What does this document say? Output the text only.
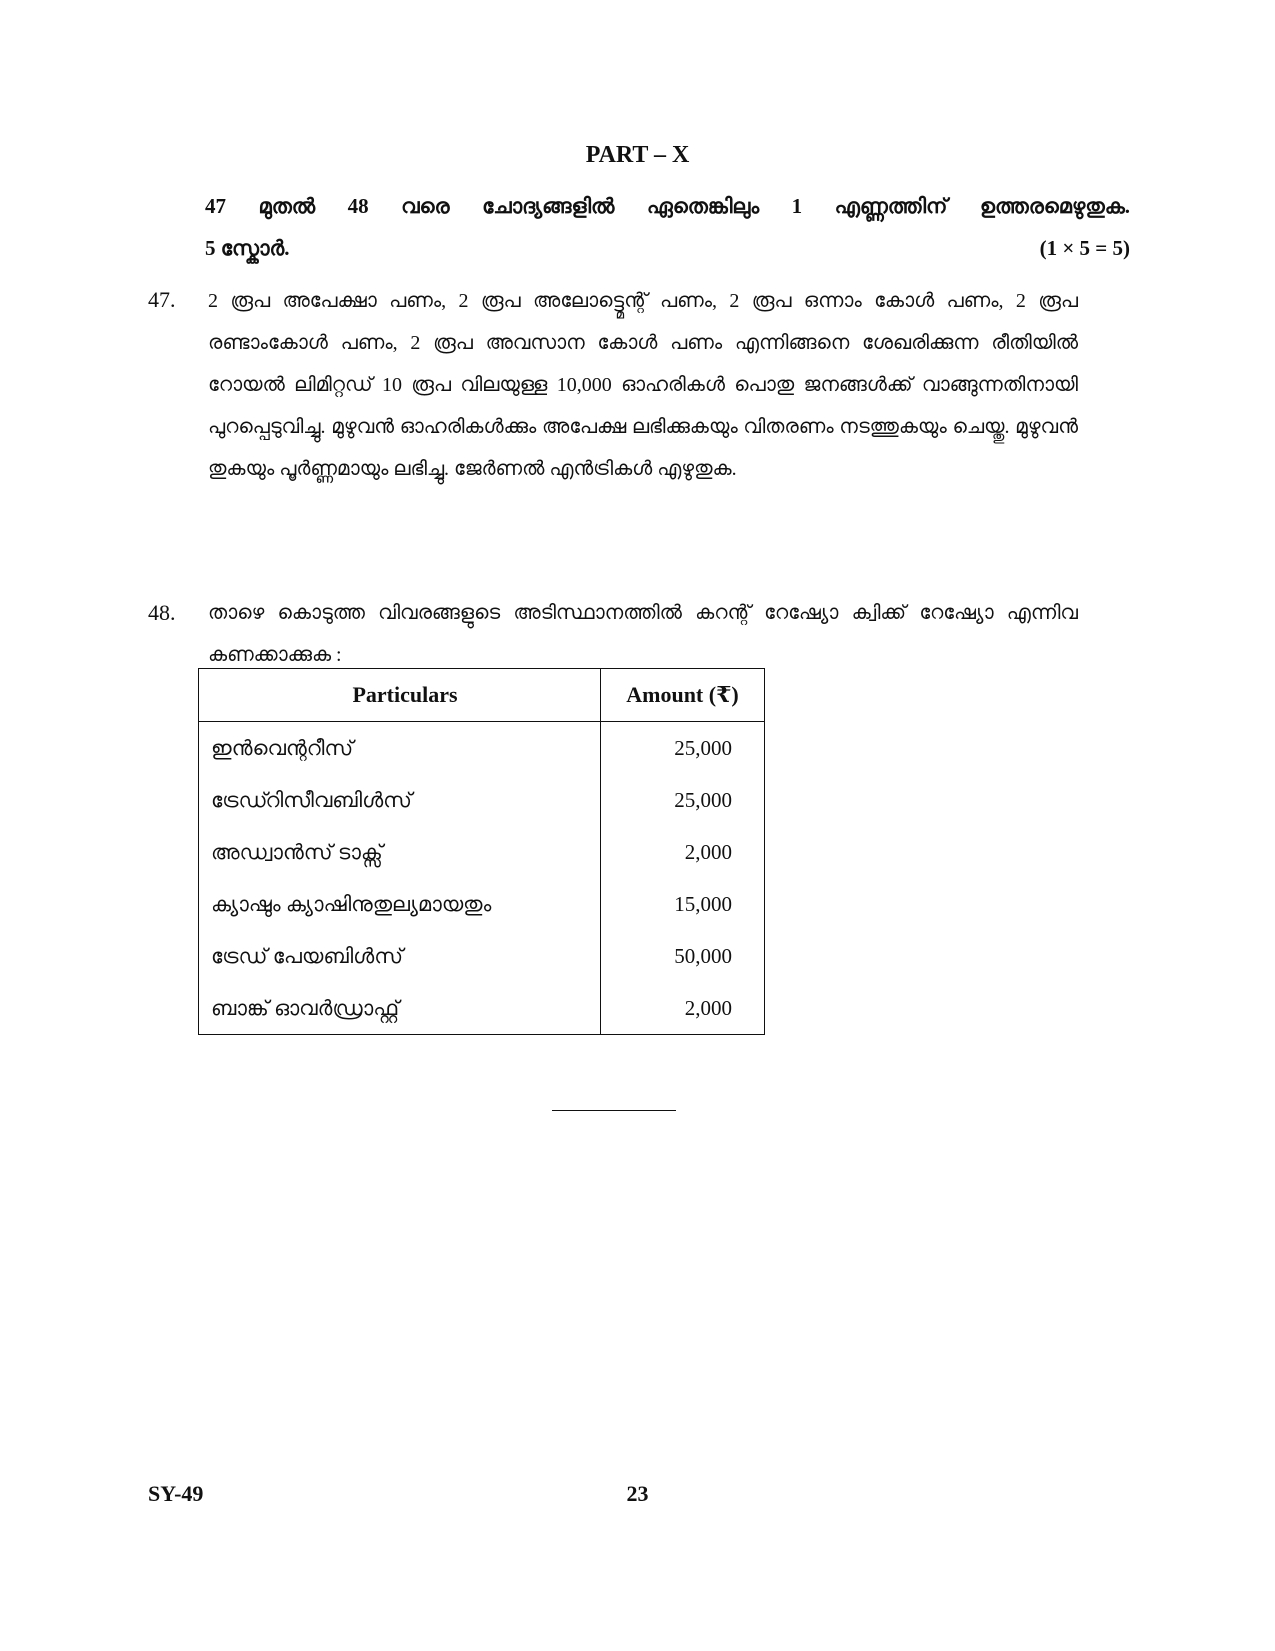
PART – X
47 മുതൽ 48 വരെ ചോദ്യങ്ങളിൽ ഏതെങ്കിലും 1 എണ്ണത്തിന് ഉത്തരമെഴുതുക.
5 സ്കോർ.	(1 × 5 = 5)
47. 2 രൂപ അപേക്ഷാ പണം, 2 രൂപ അലോട്ട്മെന്റ് പണം, 2 രൂപ ഒന്നാം കോൾ പണം, 2 രൂപ രണ്ടാംകോൾ പണം, 2 രൂപ അവസാന കോൾ പണം എന്നിങ്ങനെ ശേഖരിക്കുന്ന രീതിയിൽ റോയൽ ലിമിറ്റഡ് 10 രൂപ വിലയുള്ള 10,000 ഓഹരികൾ പൊതു ജനങ്ങൾക്ക് വാങ്ങുന്നതിനായി പുറപ്പെടുവിച്ചു. മുഴുവൻ ഓഹരികൾക്കും അപേക്ഷ ലഭിക്കുകയും വിതരണം നടത്തുകയും ചെയ്തു. മുഴുവൻ തുകയും പൂർണ്ണമായും ലഭിച്ചു. ജേർണൽ എൻട്രികൾ എഴുതുക.
48. താഴെ കൊടുത്ത വിവരങ്ങളുടെ അടിസ്ഥാനത്തിൽ കറന്റ് റേഷ്യോ ക്വിക്ക് റേഷ്യോ എന്നിവ കണക്കാക്കുക :
Particulars	Amount (₹)
ഇൻവെന്ററീസ്	25,000
ട്രേഡ്റിസീവബിൾസ്	25,000
അഡ്വാൻസ് ടാക്സ്	2,000
ക്യാഷും ക്യാഷിനുതുല്യമായതും	15,000
ട്രേഡ് പേയബിൾസ്	50,000
ബാങ്ക് ഓവർഡ്രാഫ്റ്റ്	2,000
SY-49	23
